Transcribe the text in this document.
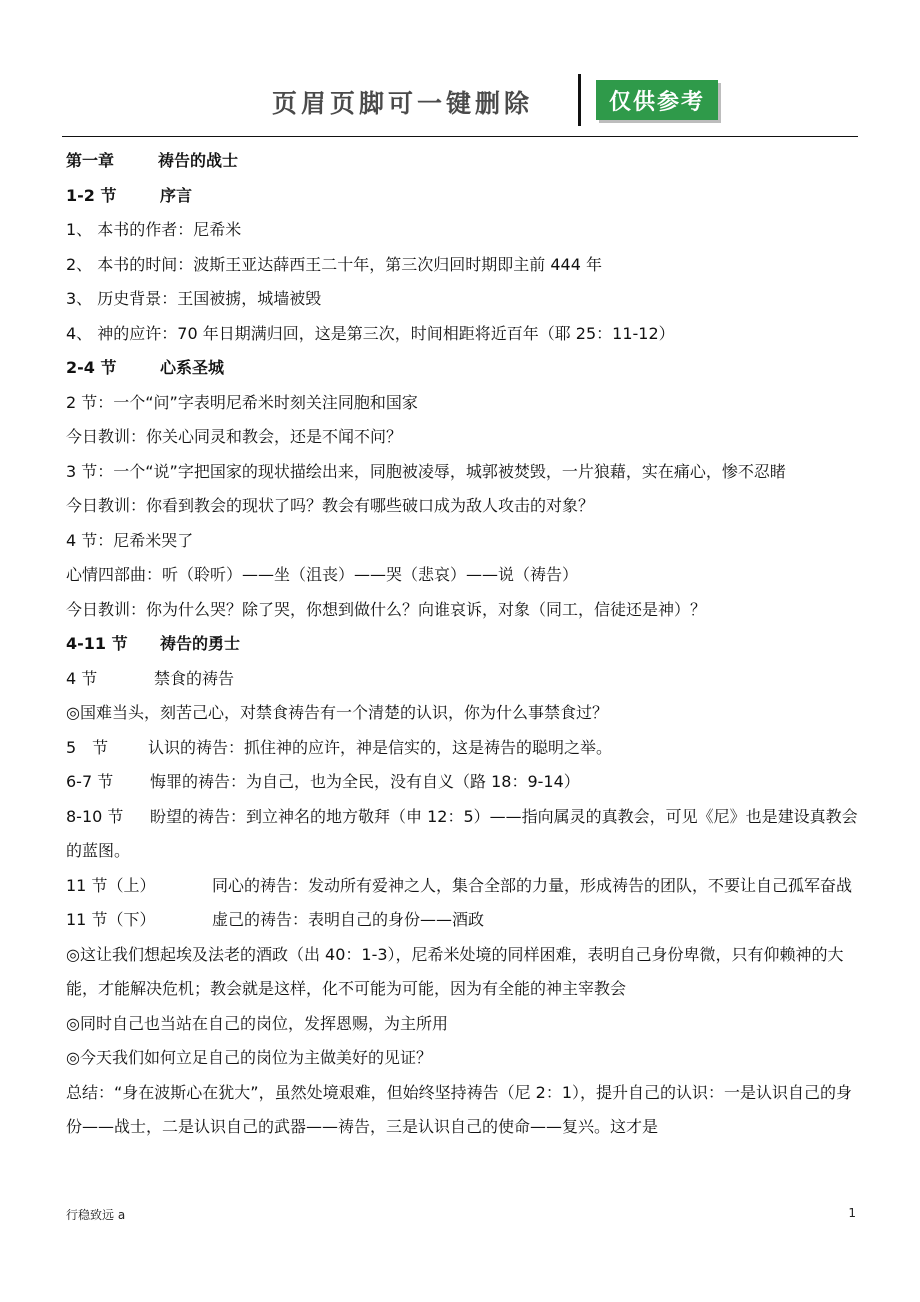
页眉页脚可一键删除	仅供参考

第一章	祷告的战士

1-2 节	序言

1、 本书的作者：尼希米

2、 本书的时间：波斯王亚达薛西王二十年，第三次归回时期即主前 444 年

3、 历史背景：王国被掳，城墙被毁

4、 神的应许：70 年日期满归回，这是第三次，时间相距将近百年（耶 25：11-12）

2-4 节	心系圣城

2 节：一个“问”字表明尼希米时刻关注同胞和国家

今日教训：你关心同灵和教会，还是不闻不问？

3 节：一个“说”字把国家的现状描绘出来，同胞被凌辱，城郭被焚毁，一片狼藉，实在痛心，惨不忍睹

今日教训：你看到教会的现状了吗？教会有哪些破口成为敌人攻击的对象？

4 节：尼希米哭了

心情四部曲：听（聆听）——坐（沮丧）——哭（悲哀）——说（祷告）

今日教训：你为什么哭？除了哭，你想到做什么？向谁哀诉，对象（同工，信徒还是神）？

4-11 节 祷告的勇士

4 节	禁食的祷告

◎国难当头，刻苦己心，对禁食祷告有一个清楚的认识，你为什么事禁食过？

5　节 认识的祷告：抓住神的应许，神是信实的，这是祷告的聪明之举。

6-7 节 悔罪的祷告：为自己，也为全民，没有自义（路 18：9-14）

8-10 节 盼望的祷告：到立神名的地方敬拜（申 12：5）——指向属灵的真教会，可见《尼》也是建设真教会的蓝图。

11 节（上）	同心的祷告：发动所有爱神之人，集合全部的力量，形成祷告的团队，不要让自己孤军奋战

11 节（下）	虚己的祷告：表明自己的身份——酒政

◎这让我们想起埃及法老的酒政（出 40：1-3），尼希米处境的同样困难，表明自己身份卑微，只有仰赖神的大能，才能解决危机；教会就是这样，化不可能为可能，因为有全能的神主宰教会

◎同时自己也当站在自己的岗位，发挥恩赐，为主所用

◎今天我们如何立足自己的岗位为主做美好的见证？

总结：“身在波斯心在犹大”，虽然处境艰难，但始终坚持祷告（尼 2：1），提升自己的认识：一是认识自己的身份——战士，二是认识自己的武器——祷告，三是认识自己的使命——复兴。这才是

行稳致远 a	1
